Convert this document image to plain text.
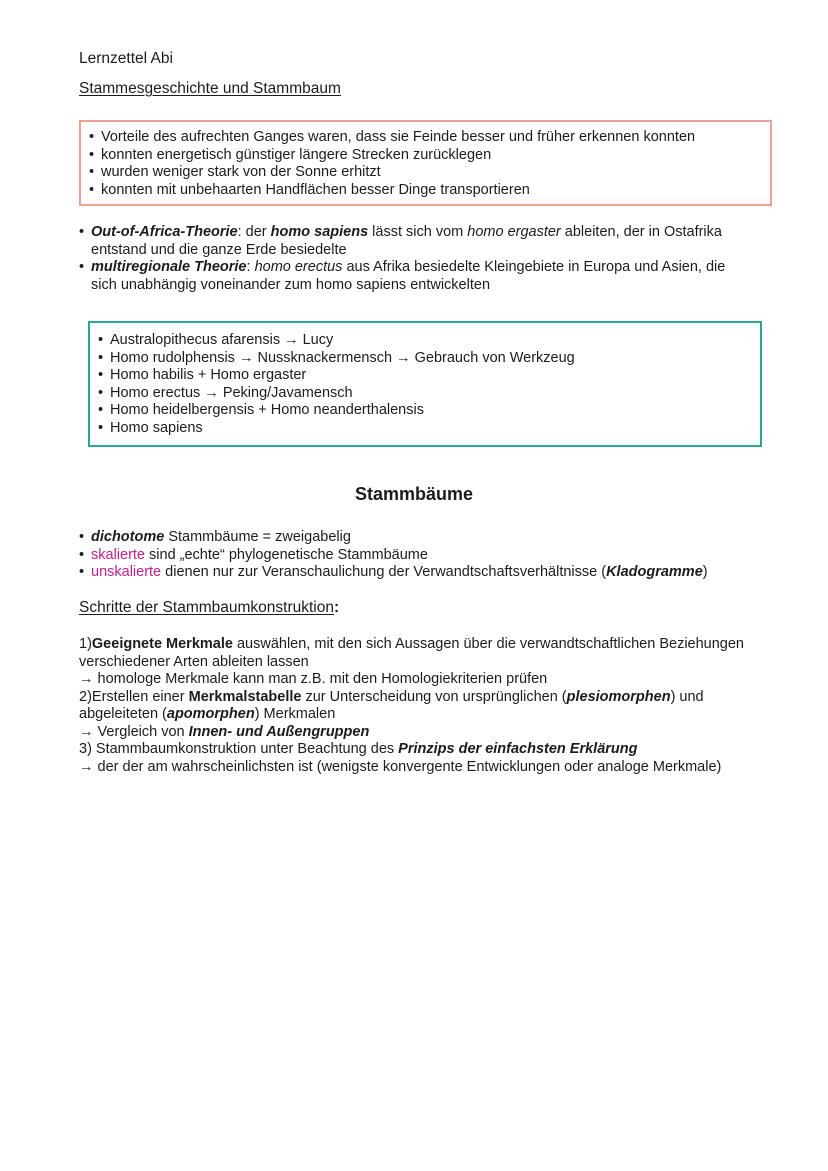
Lernzettel Abi
Stammesgeschichte und Stammbaum
• Vorteile des aufrechten Ganges waren, dass sie Feinde besser und früher erkennen konnten
• konnten energetisch günstiger längere Strecken zurücklegen
• wurden weniger stark von der Sonne erhitzt
• konnten mit unbehaarten Handflächen besser Dinge transportieren
• Out-of-Africa-Theorie: der homo sapiens lässt sich vom homo ergaster ableiten, der in Ostafrika entstand und die ganze Erde besiedelte
• multiregionale Theorie: homo erectus aus Afrika besiedelte Kleingebiete in Europa und Asien, die sich unabhängig voneinander zum homo sapiens entwickelten
• Australopithecus afarensis → Lucy
• Homo rudolphensis → Nussknackermensch → Gebrauch von Werkzeug
• Homo habilis + Homo ergaster
• Homo erectus → Peking/Javamensch
• Homo heidelbergensis + Homo neanderthalensis
• Homo sapiens
Stammbäume
• dichotome Stammbäume = zweigabelig
• skalierte sind „echte“ phylogenetische Stammbäume
• unskalierte dienen nur zur Veranschaulichung der Verwandtschaftsverhältnisse (Kladogramme)
Schritte der Stammbaumkonstruktion:
1)Geeignete Merkmale auswählen, mit den sich Aussagen über die verwandtschaftlichen Beziehungen verschiedener Arten ableiten lassen
→ homologe Merkmale kann man z.B. mit den Homologiekriterien prüfen
2)Erstellen einer Merkmalstabelle zur Unterscheidung von ursprünglichen (plesiomorphen) und abgeleiteten (apomorphen) Merkmalen
→ Vergleich von Innen- und Außengruppen
3) Stammbaumkonstruktion unter Beachtung des Prinzips der einfachsten Erklärung
→ der der am wahrscheinlichsten ist (wenigste konvergente Entwicklungen oder analoge Merkmale)
